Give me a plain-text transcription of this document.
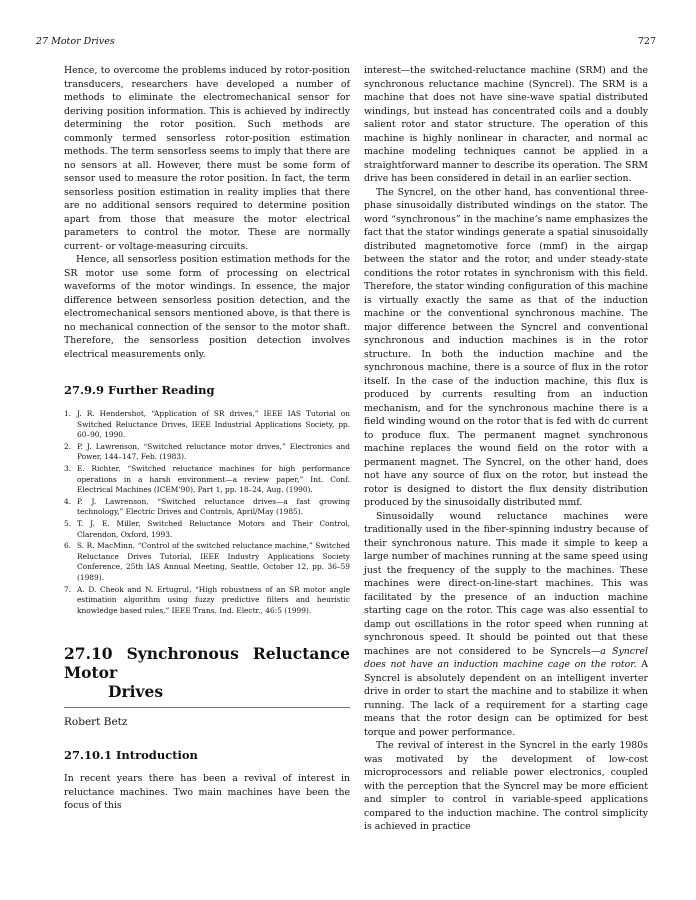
27 Motor Drives	727

Hence, to overcome the problems induced by rotor-position transducers, researchers have developed a number of methods to eliminate the electromechanical sensor for deriving position information. This is achieved by indirectly determining the rotor position. Such methods are commonly termed sensorless rotor-position estimation methods. The term sensorless seems to imply that there are no sensors at all. However, there must be some form of sensor used to measure the rotor position. In fact, the term sensorless position estimation in reality implies that there are no additional sensors required to determine position apart from those that measure the motor electrical parameters to control the motor. These are normally current- or voltage-measuring circuits.

Hence, all sensorless position estimation methods for the SR motor use some form of processing on electrical waveforms of the motor windings. In essence, the major difference between sensorless position detection, and the electromechanical sensors mentioned above, is that there is no mechanical connection of the sensor to the motor shaft. Therefore, the sensorless position detection involves electrical measurements only.

27.9.9 Further Reading
1. J. R. Hendershot, “Application of SR drives,” IEEE IAS Tutorial on Switched Reluctance Drives, IEEE Industrial Applications Society, pp. 60–90, 1990.
2. P. J. Lawrenson, “Switched reluctance motor drives,” Electronics and Power, 144–147, Feb. (1983).
3. E. Richter, “Switched reluctance machines for high performance operations in a harsh environment—a review paper,” Int. Conf. Electrical Machines (ICEM’90), Part 1, pp. 18–24, Aug. (1990).
4. P. J. Lawrenson, “Switched reluctance drives—a fast growing technology,” Electric Drives and Controls, April/May (1985).
5. T. J. E. Miller, Switched Reluctance Motors and Their Control, Clarendon, Oxford, 1993.
6. S. R. MacMinn, “Control of the switched reluctance machine,” Switched Reluctance Drives Tutorial, IEEE Industry Applications Society Conference, 25th IAS Annual Meeting, Seattle, October 12, pp. 36–59 (1989).
7. A. D. Cheok and N. Ertugrul, “High robustness of an SR motor angle estimation algorithm using fuzzy predictive filters and heuristic knowledge based rules,” IEEE Trans. Ind. Electr., 46:5 (1999).
27.10 Synchronous Reluctance Motor
Drives
Robert Betz
27.10.1 Introduction

In recent years there has been a revival of interest in reluctance machines. Two main machines have been the focus of this

interest—the switched-reluctance machine (SRM) and the synchronous reluctance machine (Syncrel). The SRM is a machine that does not have sine-wave spatial distributed windings, but instead has concentrated coils and a doubly salient rotor and stator structure. The operation of this machine is highly nonlinear in character, and normal ac machine modeling techniques cannot be applied in a straightforward manner to describe its operation. The SRM drive has been considered in detail in an earlier section.

The Syncrel, on the other hand, has conventional three-phase sinusoidally distributed windings on the stator. The word “synchronous” in the machine’s name emphasizes the fact that the stator windings generate a spatial sinusoidally distributed magnetomotive force (mmf) in the airgap between the stator and the rotor, and under steady-state conditions the rotor rotates in synchronism with this field. Therefore, the stator winding configuration of this machine is virtually exactly the same as that of the induction machine or the conventional synchronous machine. The major difference between the Syncrel and conventional synchronous and induction machines is in the rotor structure. In both the induction machine and the synchronous machine, there is a source of flux in the rotor itself. In the case of the induction machine, this flux is produced by currents resulting from an induction mechanism, and for the synchronous machine there is a field winding wound on the rotor that is fed with dc current to produce flux. The permanent magnet synchronous machine replaces the wound field on the rotor with a permanent magnet. The Syncrel, on the other hand, does not have any source of flux on the rotor, but instead the rotor is designed to distort the flux density distribution produced by the sinusoidally distributed mmf.

Sinusoidally wound reluctance machines were traditionally used in the fiber-spinning industry because of their synchronous nature. This made it simple to keep a large number of machines running at the same speed using just the frequency of the supply to the machines. These machines were direct-on-line-start machines. This was facilitated by the presence of an induction machine starting cage on the rotor. This cage was also essential to damp out oscillations in the rotor speed when running at synchronous speed. It should be pointed out that these machines are not considered to be Syncrels—a Syncrel does not have an induction machine cage on the rotor. A Syncrel is absolutely dependent on an intelligent inverter drive in order to start the machine and to stabilize it when running. The lack of a requirement for a starting cage means that the rotor design can be optimized for best torque and power performance.

The revival of interest in the Syncrel in the early 1980s was motivated by the development of low-cost microprocessors and reliable power electronics, coupled with the perception that the Syncrel may be more efficient and simpler to control in variable-speed applications compared to the induction machine. The control simplicity is achieved in practice
